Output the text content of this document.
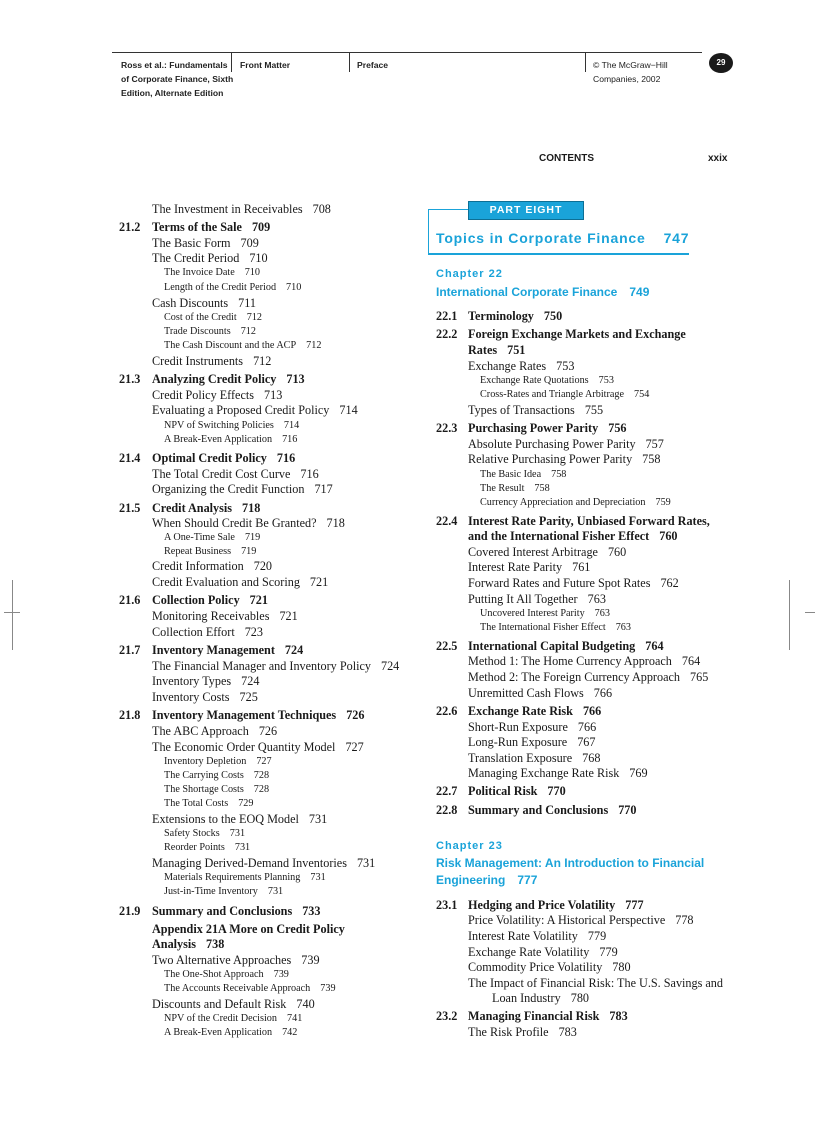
Ross et al.: Fundamentals
of Corporate Finance, Sixth
Edition, Alternate Edition
Front Matter	Preface	© The McGraw−Hill
Companies, 2002
29
CONTENTS	xxix
The Investment in Receivables 708
21.2 Terms of the Sale 709
The Basic Form 709
The Credit Period 710
The Invoice Date 710
Length of the Credit Period 710
Cash Discounts 711
Cost of the Credit 712
Trade Discounts 712
The Cash Discount and the ACP 712
Credit Instruments 712
21.3 Analyzing Credit Policy 713
Credit Policy Effects 713
Evaluating a Proposed Credit Policy 714
NPV of Switching Policies 714
A Break-Even Application 716
21.4 Optimal Credit Policy 716
The Total Credit Cost Curve 716
Organizing the Credit Function 717
21.5 Credit Analysis 718
When Should Credit Be Granted? 718
A One-Time Sale 719
Repeat Business 719
Credit Information 720
Credit Evaluation and Scoring 721
21.6 Collection Policy 721
Monitoring Receivables 721
Collection Effort 723
21.7 Inventory Management 724
The Financial Manager and Inventory Policy 724
Inventory Types 724
Inventory Costs 725
21.8 Inventory Management Techniques 726
The ABC Approach 726
The Economic Order Quantity Model 727
Inventory Depletion 727
The Carrying Costs 728
The Shortage Costs 728
The Total Costs 729
Extensions to the EOQ Model 731
Safety Stocks 731
Reorder Points 731
Managing Derived-Demand Inventories 731
Materials Requirements Planning 731
Just-in-Time Inventory 731
21.9 Summary and Conclusions 733
Appendix 21A More on Credit Policy
Analysis 738
Two Alternative Approaches 739
The One-Shot Approach 739
The Accounts Receivable Approach 739
Discounts and Default Risk 740
NPV of the Credit Decision 741
A Break-Even Application 742
PART EIGHT
Topics in Corporate Finance 747
Chapter 22
International Corporate Finance 749
22.1 Terminology 750
22.2 Foreign Exchange Markets and Exchange
Rates 751
Exchange Rates 753
Exchange Rate Quotations 753
Cross-Rates and Triangle Arbitrage 754
Types of Transactions 755
22.3 Purchasing Power Parity 756
Absolute Purchasing Power Parity 757
Relative Purchasing Power Parity 758
The Basic Idea 758
The Result 758
Currency Appreciation and Depreciation 759
22.4 Interest Rate Parity, Unbiased Forward Rates,
and the International Fisher Effect 760
Covered Interest Arbitrage 760
Interest Rate Parity 761
Forward Rates and Future Spot Rates 762
Putting It All Together 763
Uncovered Interest Parity 763
The International Fisher Effect 763
22.5 International Capital Budgeting 764
Method 1: The Home Currency Approach 764
Method 2: The Foreign Currency Approach 765
Unremitted Cash Flows 766
22.6 Exchange Rate Risk 766
Short-Run Exposure 766
Long-Run Exposure 767
Translation Exposure 768
Managing Exchange Rate Risk 769
22.7 Political Risk 770
22.8 Summary and Conclusions 770
Chapter 23
Risk Management: An Introduction to Financial
Engineering 777
23.1 Hedging and Price Volatility 777
Price Volatility: A Historical Perspective 778
Interest Rate Volatility 779
Exchange Rate Volatility 779
Commodity Price Volatility 780
The Impact of Financial Risk: The U.S. Savings and
Loan Industry 780
23.2 Managing Financial Risk 783
The Risk Profile 783
